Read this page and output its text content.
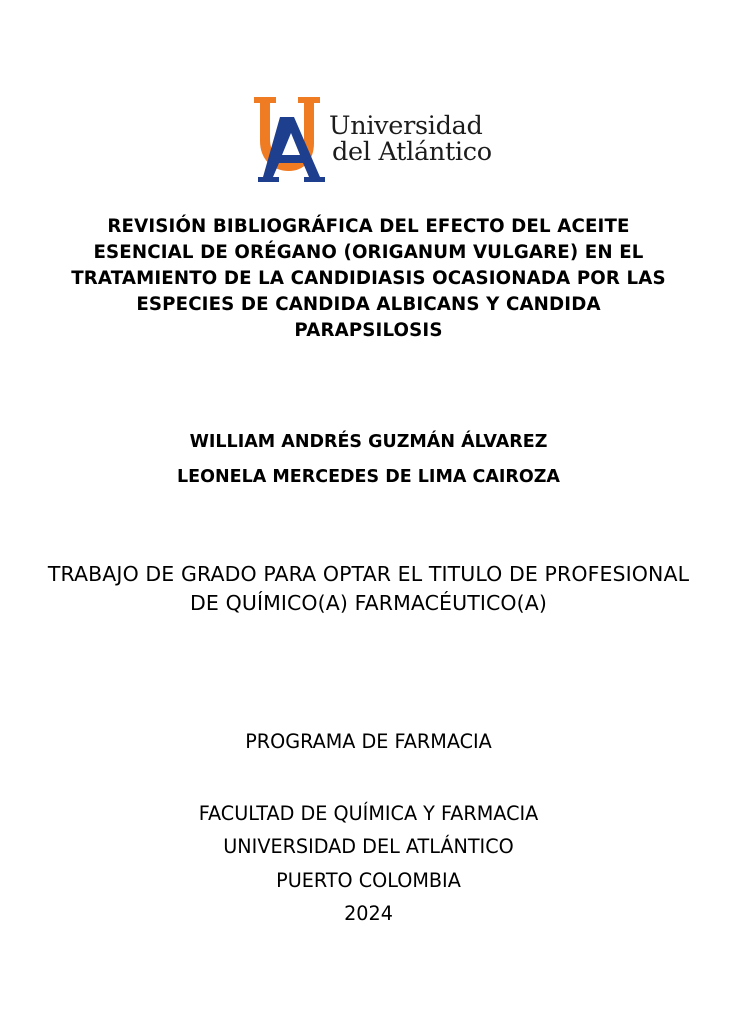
Universidad
del Atlántico
REVISIÓN BIBLIOGRÁFICA DEL EFECTO DEL ACEITE ESENCIAL DE ORÉGANO (ORIGANUM VULGARE) EN EL TRATAMIENTO DE LA CANDIDIASIS OCASIONADA POR LAS ESPECIES DE CANDIDA ALBICANS Y CANDIDA PARAPSILOSIS
WILLIAM ANDRÉS GUZMÁN ÁLVAREZ
LEONELA MERCEDES DE LIMA CAIROZA
TRABAJO DE GRADO PARA OPTAR EL TITULO DE PROFESIONAL DE QUÍMICO(A) FARMACÉUTICO(A)
PROGRAMA DE FARMACIA
FACULTAD DE QUÍMICA Y FARMACIA
UNIVERSIDAD DEL ATLÁNTICO
PUERTO COLOMBIA
2024
